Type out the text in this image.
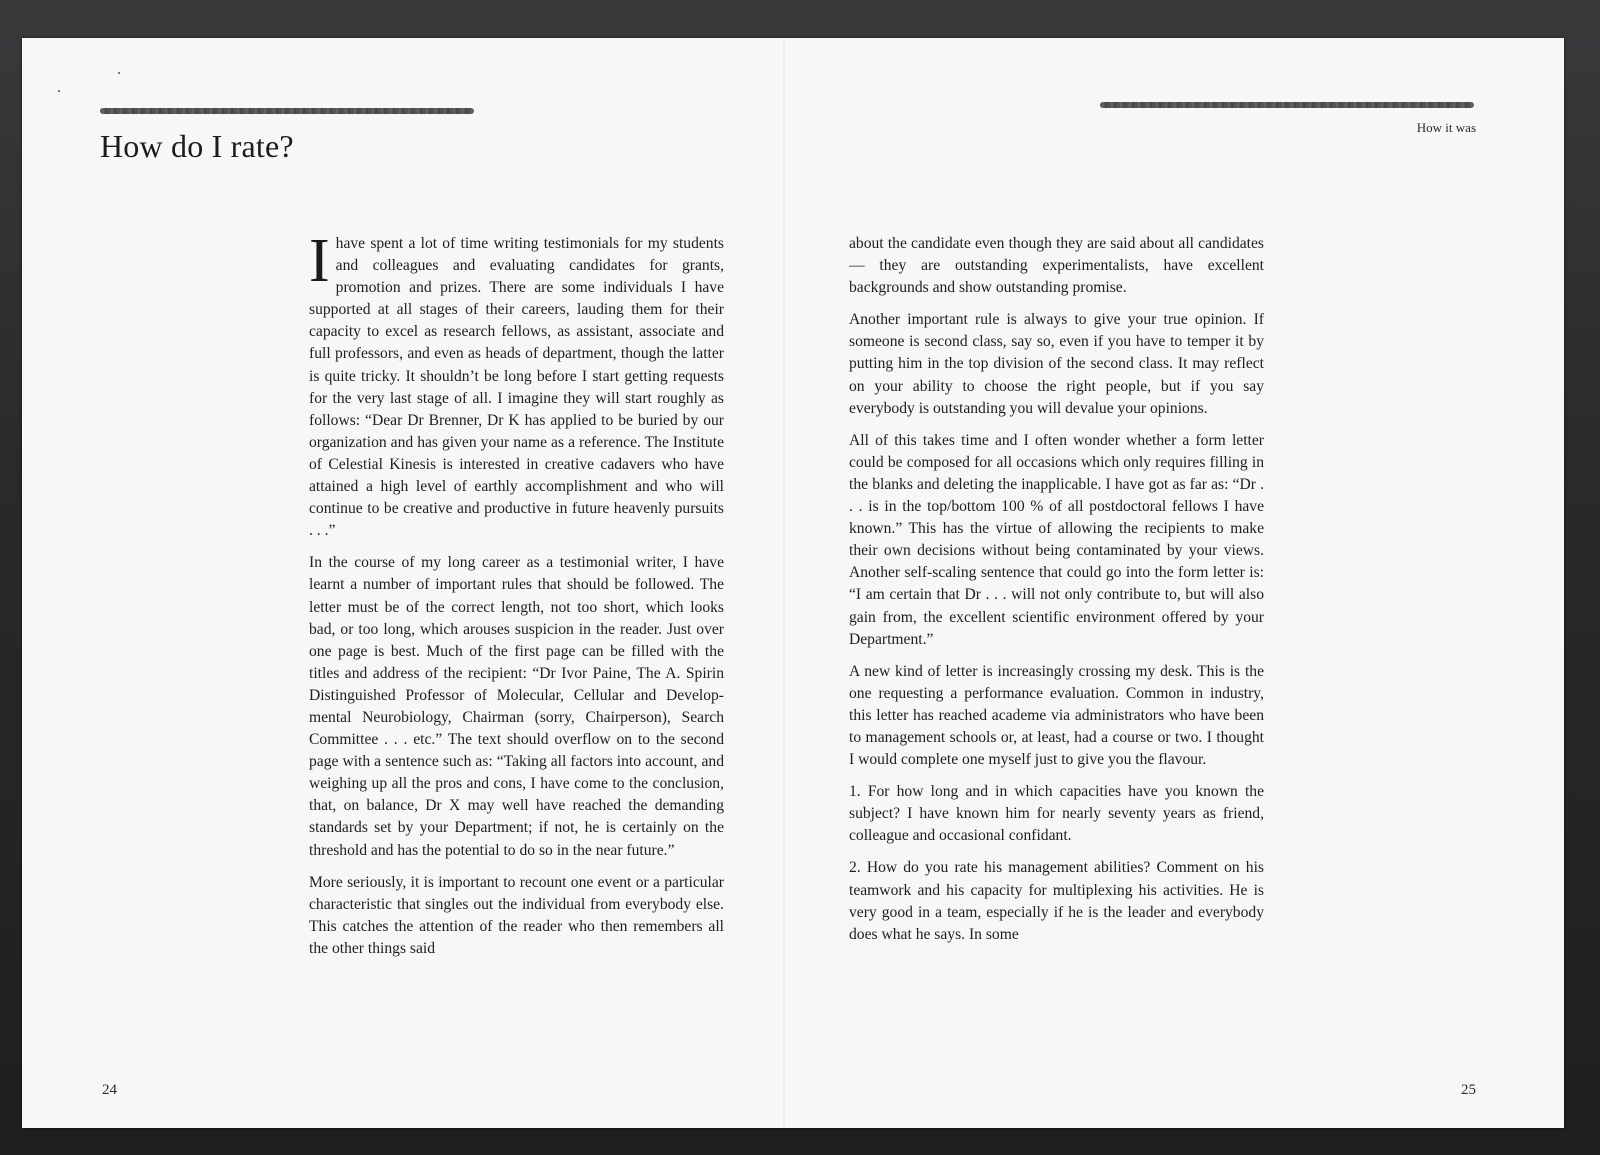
How do I rate?

I have spent a lot of time writing testimonials for my students and colleagues and evaluating candidates for grants, promotion and prizes. There are some individuals I have supported at all stages of their careers, lauding them for their capacity to excel as research fellows, as assistant, associate and full professors, and even as heads of department, though the latter is quite tricky. It shouldn’t be long before I start getting requests for the very last stage of all. I imagine they will start roughly as follows: “Dear Dr Brenner, Dr K has applied to be buried by our organization and has given your name as a reference. The Institute of Celestial Kinesis is interested in creative cadavers who have attained a high level of earthly accomplishment and who will continue to be creative and productive in future heavenly pursuits . . .”

In the course of my long career as a testimonial writer, I have learnt a number of important rules that should be followed. The letter must be of the correct length, not too short, which looks bad, or too long, which arouses suspicion in the reader. Just over one page is best. Much of the first page can be filled with the titles and address of the recipient: “Dr Ivor Paine, The A. Spirin Distinguished Professor of Molecular, Cellular and Developmental Neurobiology, Chairman (sorry, Chairperson), Search Committee . . . etc.” The text should overflow on to the second page with a sentence such as: “Taking all factors into account, and weighing up all the pros and cons, I have come to the conclusion, that, on balance, Dr X may well have reached the demanding standards set by your Department; if not, he is certainly on the threshold and has the potential to do so in the near future.”

More seriously, it is important to recount one event or a particular characteristic that singles out the individual from everybody else. This catches the attention of the reader who then remembers all the other things said

24
How it was

about the candidate even though they are said about all candidates — they are outstanding experimentalists, have excellent backgrounds and show outstanding promise.

Another important rule is always to give your true opinion. If someone is second class, say so, even if you have to temper it by putting him in the top division of the second class. It may reflect on your ability to choose the right people, but if you say everybody is outstanding you will devalue your opinions.

All of this takes time and I often wonder whether a form letter could be composed for all occasions which only requires filling in the blanks and deleting the inapplicable. I have got as far as: “Dr . . . is in the top/bottom 100 % of all postdoctoral fellows I have known.” This has the virtue of allowing the recipients to make their own decisions without being contaminated by your views. Another self-scaling sentence that could go into the form letter is: “I am certain that Dr . . . will not only contribute to, but will also gain from, the excellent scientific environment offered by your Department.”

A new kind of letter is increasingly crossing my desk. This is the one requesting a performance evaluation. Common in industry, this letter has reached academe via administrators who have been to management schools or, at least, had a course or two. I thought I would complete one myself just to give you the flavour.

1. For how long and in which capacities have you known the subject? I have known him for nearly seventy years as friend, colleague and occasional confidant.

2. How do you rate his management abilities? Comment on his teamwork and his capacity for multiplexing his activities. He is very good in a team, especially if he is the leader and everybody does what he says. In some

25
